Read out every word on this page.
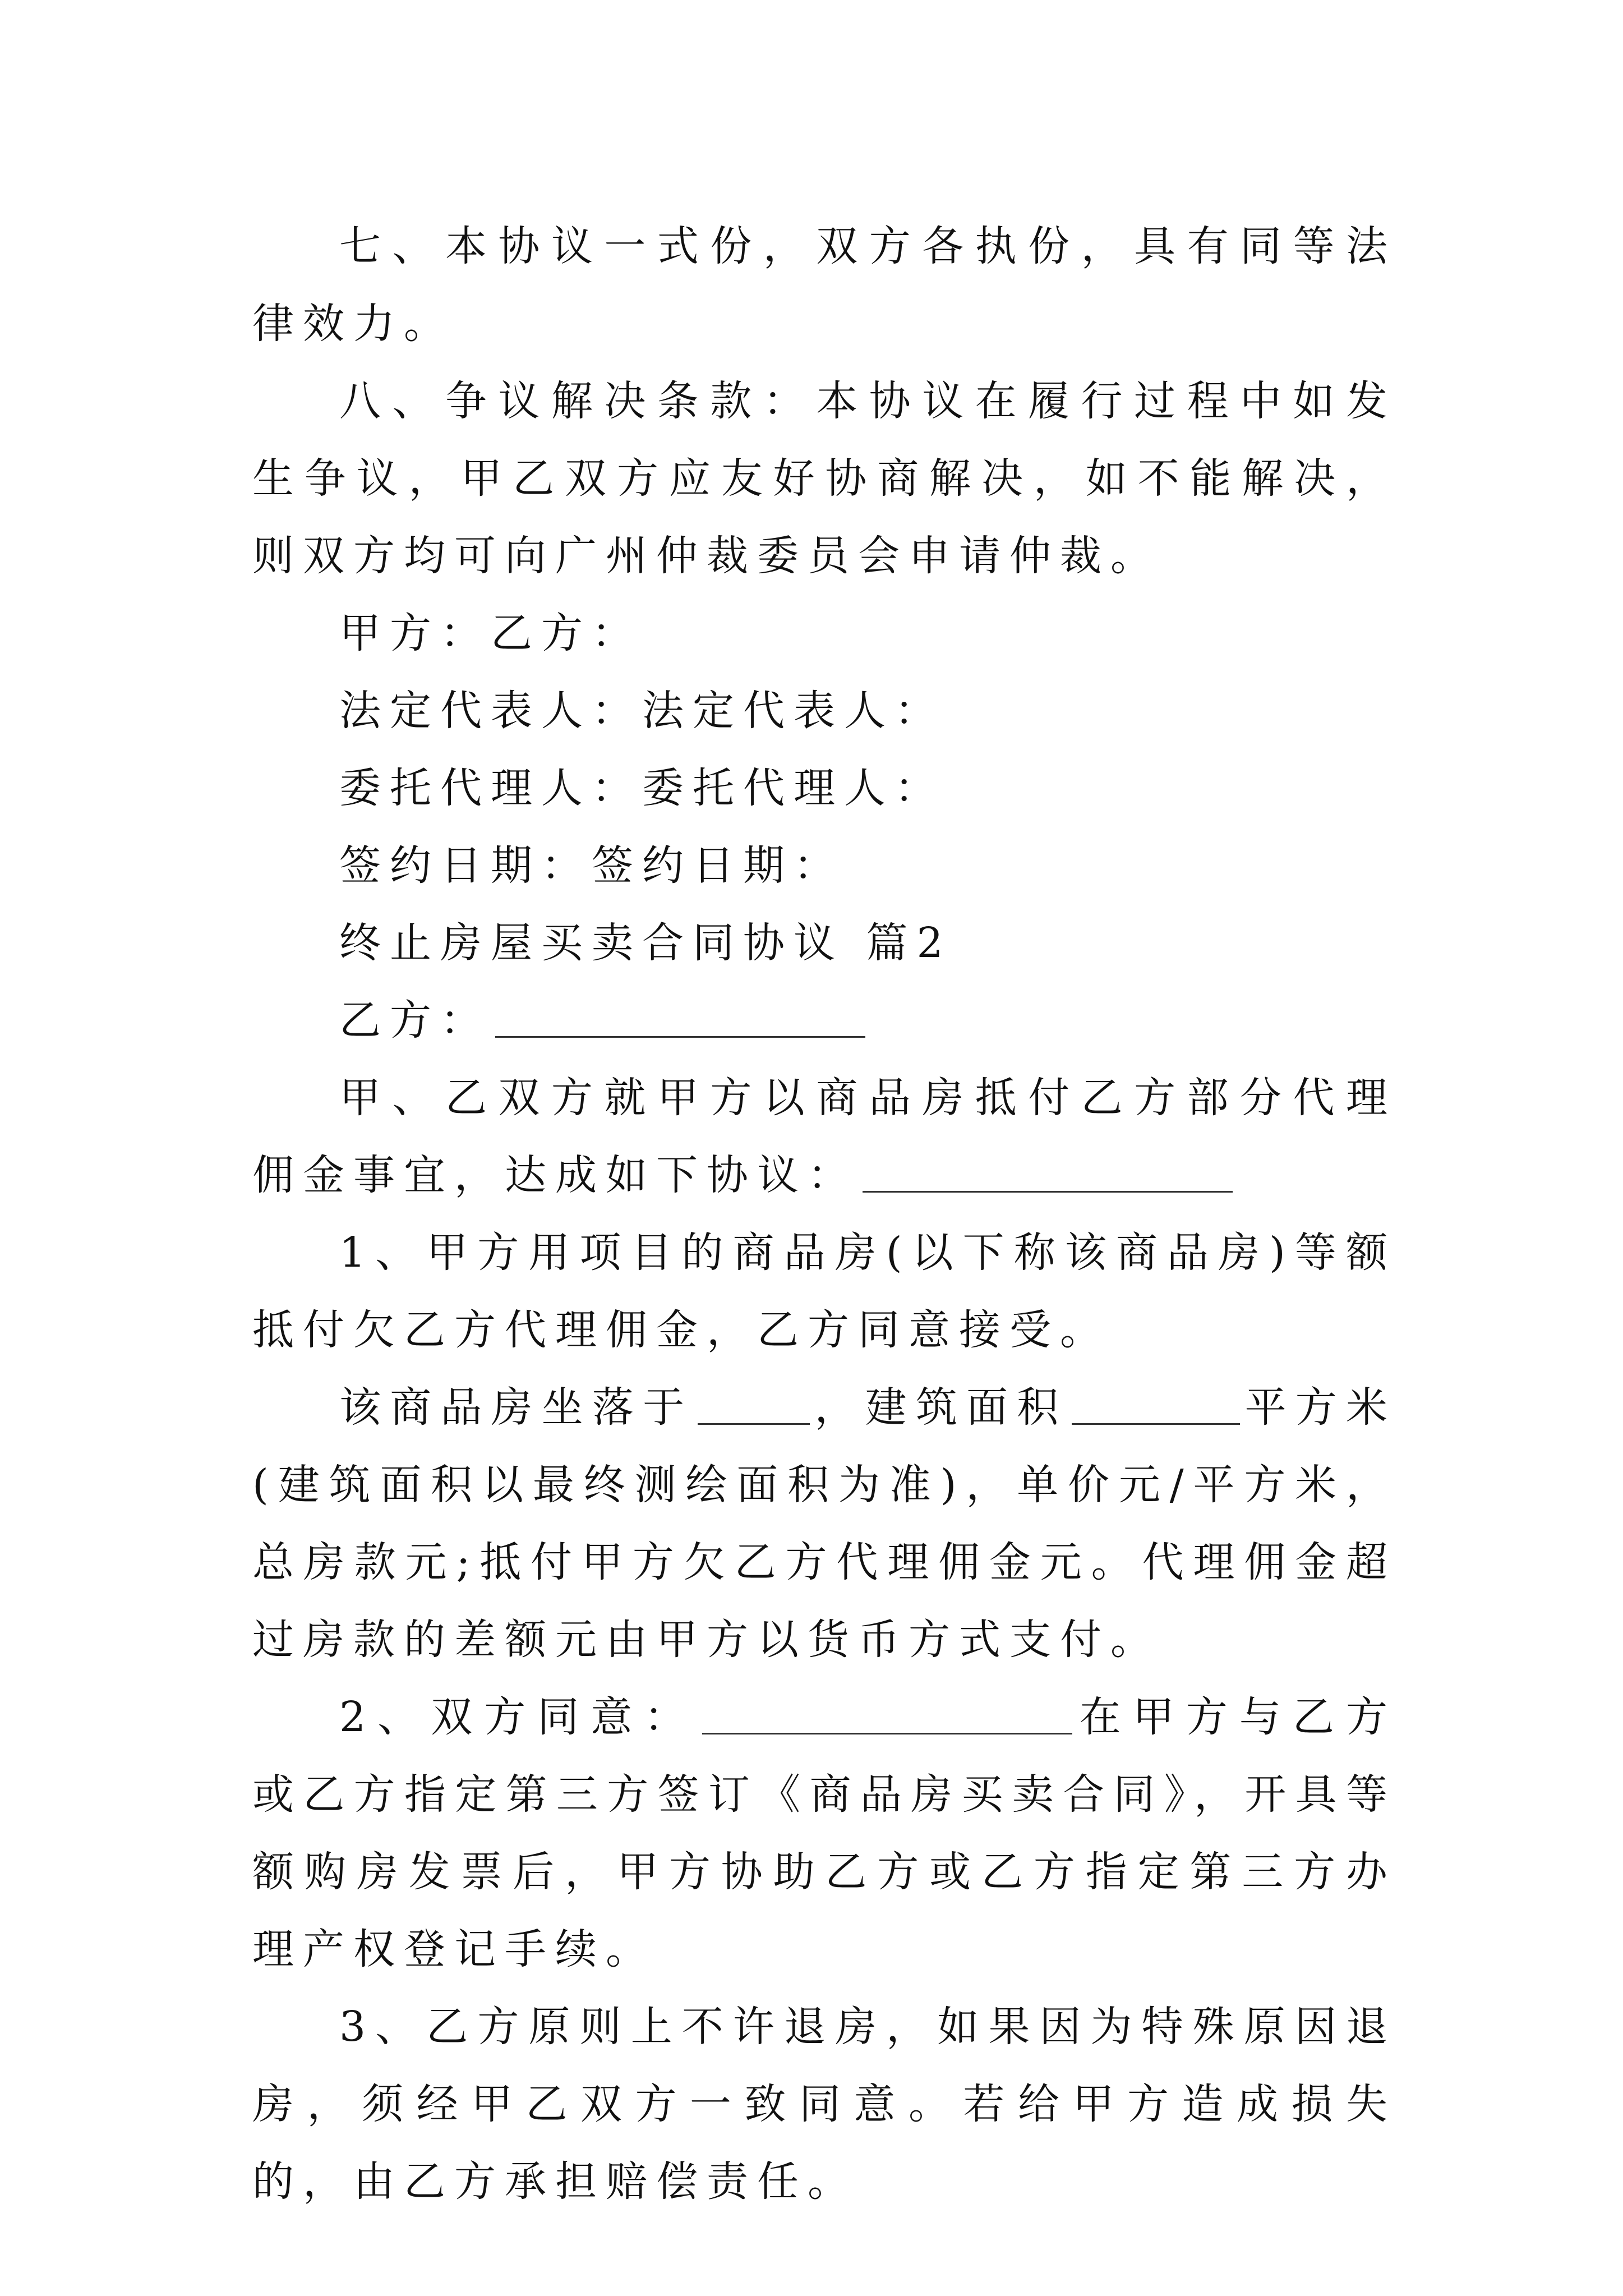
七、本协议一式份，双方各执份，具有同等法律效力。

八、争议解决条款：本协议在履行过程中如发生争议，甲乙双方应友好协商解决，如不能解决，则双方均可向广州仲裁委员会申请仲裁。

甲方：乙方：

法定代表人：法定代表人：

委托代理人：委托代理人：

签约日期：签约日期：

终止房屋买卖合同协议 篇2

乙方：

甲、乙双方就甲方以商品房抵付乙方部分代理佣金事宜，达成如下协议：

1、甲方用项目的商品房(以下称该商品房)等额抵付欠乙方代理佣金，乙方同意接受。

该商品房坐落于	，建筑面积	平方米(建筑面积以最终测绘面积为准)，单价元/平方米，总房款元;抵付甲方欠乙方代理佣金元。代理佣金超过房款的差额元由甲方以货币方式支付。

2、双方同意：	在甲方与乙方或乙方指定第三方签订《商品房买卖合同》，开具等额购房发票后，甲方协助乙方或乙方指定第三方办理产权登记手续。

3、乙方原则上不许退房，如果因为特殊原因退房，须经甲乙双方一致同意。若给甲方造成损失的，由乙方承担赔偿责任。
